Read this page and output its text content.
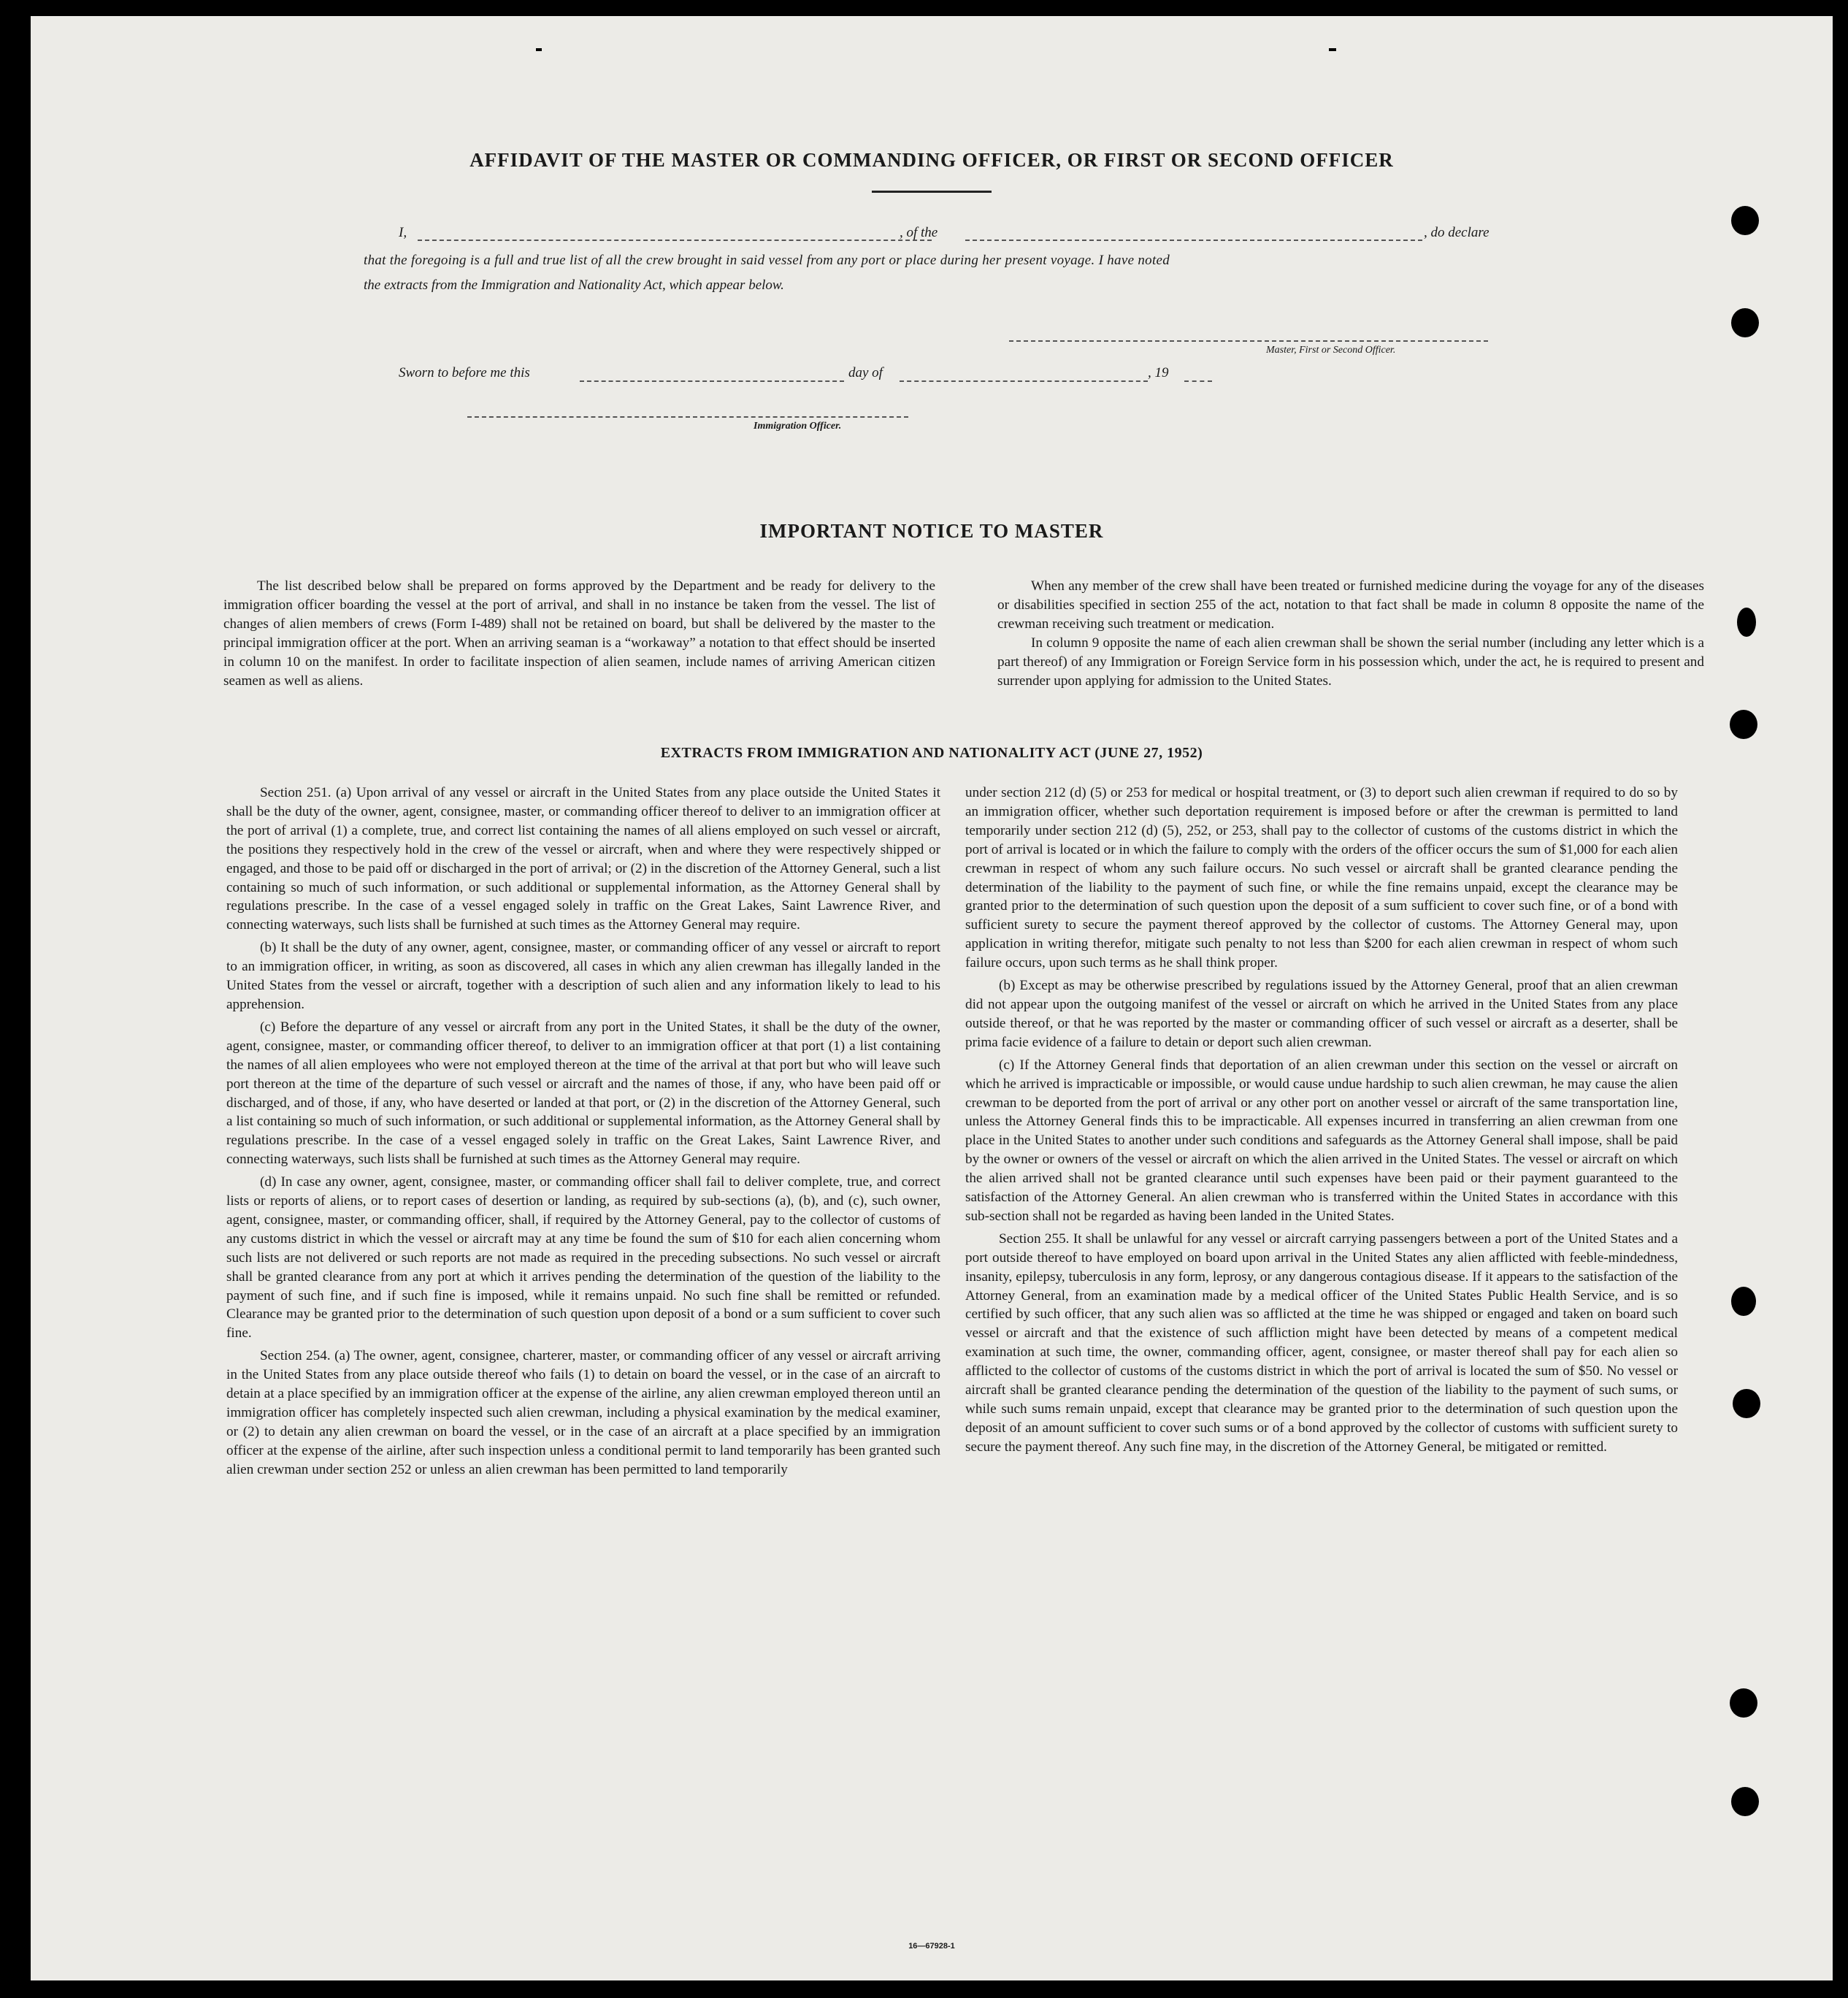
AFFIDAVIT OF THE MASTER OR COMMANDING OFFICER, OR FIRST OR SECOND OFFICER
I,	, of the	, do declare
that the foregoing is a full and true list of all the crew brought in said vessel from any port or place during her present voyage. I have noted
the extracts from the Immigration and Nationality Act, which appear below.
Master, First or Second Officer.
Sworn to before me this	day of	, 19
Immigration Officer.
IMPORTANT NOTICE TO MASTER

The list described below shall be prepared on forms approved by the Department and be ready for delivery to the immigration officer boarding the vessel at the port of arrival, and shall in no instance be taken from the vessel. The list of changes of alien members of crews (Form I-489) shall not be retained on board, but shall be delivered by the master to the principal immigration officer at the port. When an arriving seaman is a “workaway” a notation to that effect should be inserted in column 10 on the manifest. In order to facilitate inspection of alien seamen, include names of arriving American citizen seamen as well as aliens.

When any member of the crew shall have been treated or furnished medicine during the voyage for any of the diseases or disabilities specified in section 255 of the act, notation to that fact shall be made in column 8 opposite the name of the crewman receiving such treatment or medication.

In column 9 opposite the name of each alien crewman shall be shown the serial number (including any letter which is a part thereof) of any Immigration or Foreign Service form in his possession which, under the act, he is required to present and surrender upon applying for admission to the United States.

EXTRACTS FROM IMMIGRATION AND NATIONALITY ACT (JUNE 27, 1952)

Section 251. (a) Upon arrival of any vessel or aircraft in the United States from any place outside the United States it shall be the duty of the owner, agent, consignee, master, or commanding officer thereof to deliver to an immigration officer at the port of arrival (1) a complete, true, and correct list containing the names of all aliens employed on such vessel or aircraft, the positions they respectively hold in the crew of the vessel or aircraft, when and where they were respectively shipped or engaged, and those to be paid off or discharged in the port of arrival; or (2) in the discretion of the Attorney General, such a list containing so much of such information, or such additional or supplemental information, as the Attorney General shall by regulations prescribe. In the case of a vessel engaged solely in traffic on the Great Lakes, Saint Lawrence River, and connecting waterways, such lists shall be furnished at such times as the Attorney General may require.

(b) It shall be the duty of any owner, agent, consignee, master, or commanding officer of any vessel or aircraft to report to an immigration officer, in writing, as soon as discovered, all cases in which any alien crewman has illegally landed in the United States from the vessel or aircraft, together with a description of such alien and any information likely to lead to his apprehension.

(c) Before the departure of any vessel or aircraft from any port in the United States, it shall be the duty of the owner, agent, consignee, master, or commanding officer thereof, to deliver to an immigration officer at that port (1) a list containing the names of all alien employees who were not employed thereon at the time of the arrival at that port but who will leave such port thereon at the time of the departure of such vessel or aircraft and the names of those, if any, who have been paid off or discharged, and of those, if any, who have deserted or landed at that port, or (2) in the discretion of the Attorney General, such a list containing so much of such information, or such additional or supplemental information, as the Attorney General shall by regulations prescribe. In the case of a vessel engaged solely in traffic on the Great Lakes, Saint Lawrence River, and connecting waterways, such lists shall be furnished at such times as the Attorney General may require.

(d) In case any owner, agent, consignee, master, or commanding officer shall fail to deliver complete, true, and correct lists or reports of aliens, or to report cases of desertion or landing, as required by sub-sections (a), (b), and (c), such owner, agent, consignee, master, or commanding officer, shall, if required by the Attorney General, pay to the collector of customs of any customs district in which the vessel or aircraft may at any time be found the sum of $10 for each alien concerning whom such lists are not delivered or such reports are not made as required in the preceding subsections. No such vessel or aircraft shall be granted clearance from any port at which it arrives pending the determination of the question of the liability to the payment of such fine, and if such fine is imposed, while it remains unpaid. No such fine shall be remitted or refunded. Clearance may be granted prior to the determination of such question upon deposit of a bond or a sum sufficient to cover such fine.

Section 254. (a) The owner, agent, consignee, charterer, master, or commanding officer of any vessel or aircraft arriving in the United States from any place outside thereof who fails (1) to detain on board the vessel, or in the case of an aircraft to detain at a place specified by an immigration officer at the expense of the airline, any alien crewman employed thereon until an immigration officer has completely inspected such alien crewman, including a physical examination by the medical examiner, or (2) to detain any alien crewman on board the vessel, or in the case of an aircraft at a place specified by an immigration officer at the expense of the airline, after such inspection unless a conditional permit to land temporarily has been granted such alien crewman under section 252 or unless an alien crewman has been permitted to land temporarily

under section 212 (d) (5) or 253 for medical or hospital treatment, or (3) to deport such alien crewman if required to do so by an immigration officer, whether such deportation requirement is imposed before or after the crewman is permitted to land temporarily under section 212 (d) (5), 252, or 253, shall pay to the collector of customs of the customs district in which the port of arrival is located or in which the failure to comply with the orders of the officer occurs the sum of $1,000 for each alien crewman in respect of whom any such failure occurs. No such vessel or aircraft shall be granted clearance pending the determination of the liability to the payment of such fine, or while the fine remains unpaid, except the clearance may be granted prior to the determination of such question upon the deposit of a sum sufficient to cover such fine, or of a bond with sufficient surety to secure the payment thereof approved by the collector of customs. The Attorney General may, upon application in writing therefor, mitigate such penalty to not less than $200 for each alien crewman in respect of whom such failure occurs, upon such terms as he shall think proper.

(b) Except as may be otherwise prescribed by regulations issued by the Attorney General, proof that an alien crewman did not appear upon the outgoing manifest of the vessel or aircraft on which he arrived in the United States from any place outside thereof, or that he was reported by the master or commanding officer of such vessel or aircraft as a deserter, shall be prima facie evidence of a failure to detain or deport such alien crewman.

(c) If the Attorney General finds that deportation of an alien crewman under this section on the vessel or aircraft on which he arrived is impracticable or impossible, or would cause undue hardship to such alien crewman, he may cause the alien crewman to be deported from the port of arrival or any other port on another vessel or aircraft of the same transportation line, unless the Attorney General finds this to be impracticable. All expenses incurred in transferring an alien crewman from one place in the United States to another under such conditions and safeguards as the Attorney General shall impose, shall be paid by the owner or owners of the vessel or aircraft on which the alien arrived in the United States. The vessel or aircraft on which the alien arrived shall not be granted clearance until such expenses have been paid or their payment guaranteed to the satisfaction of the Attorney General. An alien crewman who is transferred within the United States in accordance with this sub-section shall not be regarded as having been landed in the United States.

Section 255. It shall be unlawful for any vessel or aircraft carrying passengers between a port of the United States and a port outside thereof to have employed on board upon arrival in the United States any alien afflicted with feeble-mindedness, insanity, epilepsy, tuberculosis in any form, leprosy, or any dangerous contagious disease. If it appears to the satisfaction of the Attorney General, from an examination made by a medical officer of the United States Public Health Service, and is so certified by such officer, that any such alien was so afflicted at the time he was shipped or engaged and taken on board such vessel or aircraft and that the existence of such affliction might have been detected by means of a competent medical examination at such time, the owner, commanding officer, agent, consignee, or master thereof shall pay for each alien so afflicted to the collector of customs of the customs district in which the port of arrival is located the sum of $50. No vessel or aircraft shall be granted clearance pending the determination of the question of the liability to the payment of such sums, or while such sums remain unpaid, except that clearance may be granted prior to the determination of such question upon the deposit of an amount sufficient to cover such sums or of a bond approved by the collector of customs with sufficient surety to secure the payment thereof. Any such fine may, in the discretion of the Attorney General, be mitigated or remitted.

16—67928-1
